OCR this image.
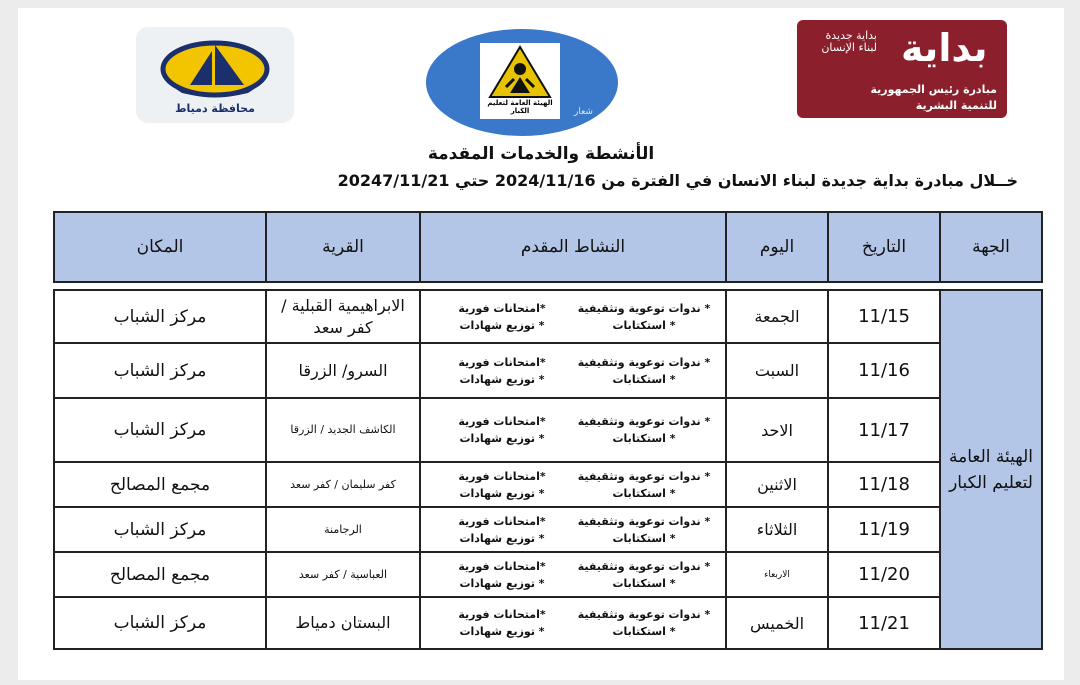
محافظة دمياط	الهيئة العامة لتعليم الكبار	شعار
بداية جديدة لبناء الإنسان بداية
مبادرة رئيس الجمهورية
للتنمية البشرية
الأنشطة والخدمات المقدمة
خــلال مبادرة بداية جديدة لبناء الانسان في الفترة من 2024/11/16 حتي 20247/11/21
الجهة	التاريخ	اليوم	النشاط المقدم	القرية	المكان

الهيئة العامة لتعليم الكبار	11/15	الجمعة	* ندوات توعوية وتثقيفية
*امتحانات فورية
* استكتابات
* توزيع شهادات	الابراهيمية القبلية / كفر سعد	مركز الشباب
	11/16	السبت	* ندوات توعوية وتثقيفية
*امتحانات فورية
* استكتابات
* توزيع شهادات	السرو/ الزرقا	مركز الشباب
	11/17	الاحد	* ندوات توعوية وتثقيفية
*امتحانات فورية
* استكتابات
* توزيع شهادات	الكاشف الجديد / الزرقا	مركز الشباب
	11/18	الاثنين	* ندوات توعوية وتثقيفية
*امتحانات فورية
* استكتابات
* توزيع شهادات	كفر سليمان / كفر سعد	مجمع المصالح
	11/19	الثلاثاء	* ندوات توعوية وتثقيفية
*امتحانات فورية
* استكتابات
* توزيع شهادات	الرجامنة	مركز الشباب
	11/20	الاربعاء	* ندوات توعوية وتثقيفية
*امتحانات فورية
* استكتابات
* توزيع شهادات	العباسية / كفر سعد	مجمع المصالح
	11/21	الخميس	* ندوات توعوية وتثقيفية
*امتحانات فورية
* استكتابات
* توزيع شهادات	البستان دمياط	مركز الشباب
